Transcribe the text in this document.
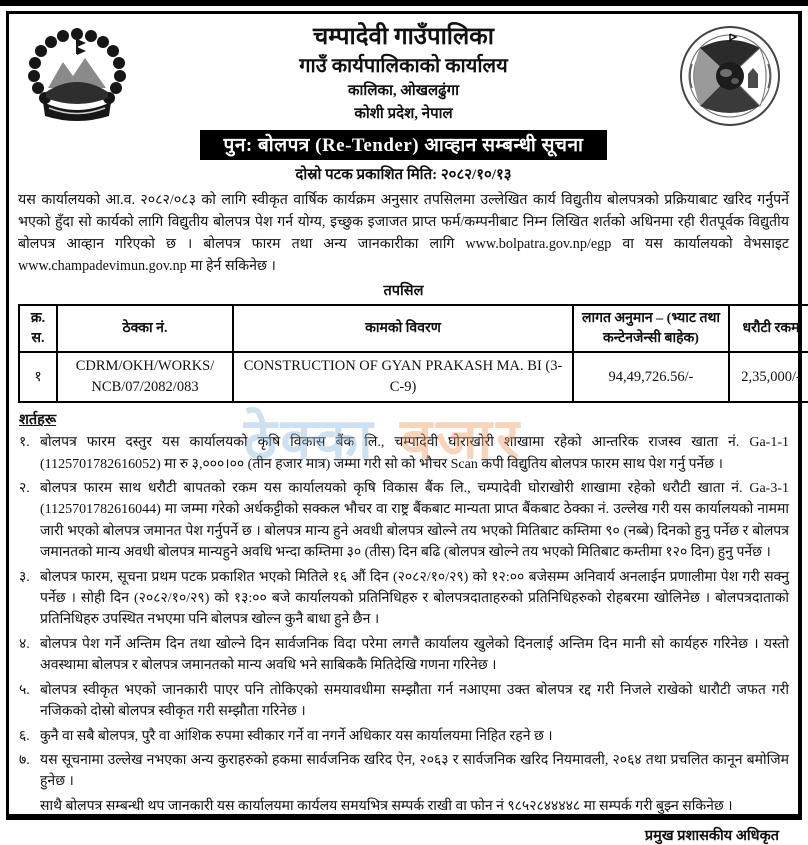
चम्पादेवी गाउँपालिका
गाउँ कार्यपालिकाको कार्यालय
कालिका, ओखलढुंगा
कोशी प्रदेश, नेपाल
पुन: बोलपत्र (Re-Tender) आव्हान सम्बन्धी सूचना
दोस्रो पटक प्रकाशित मिति: २०८२/१०/१३

यस कार्यालयको आ.व. २०८२/०८३ को लागि स्वीकृत वार्षिक कार्यक्रम अनुसार तपसिलमा उल्लेखित कार्य विद्युतीय बोलपत्रको प्रक्रियाबाट खरिद गर्नुपर्ने भएको हुँदा सो कार्यको लागि विद्युतीय बोलपत्र पेश गर्न योग्य, इच्छुक इजाजत प्राप्त फर्म/कम्पनीबाट निम्न लिखित शर्तको अधिनमा रही रीतपूर्वक विद्युतीय बोलपत्र आव्हान गरिएको छ । बोलपत्र फारम तथा अन्य जानकारीका लागि www.bolpatra.gov.np/egp वा यस कार्यालयको वेभसाइट www.champadevimun.gov.np मा हेर्न सकिनेछ ।

तपसिल
क्र. स.	ठेक्का नं.	कामको विवरण	लागत अनुमान – (भ्याट तथा कन्टेनजेन्सी बाहेक)	धरौटी रकम
१	CDRM/OKH/WORKS/ NCB/07/2082/083	CONSTRUCTION OF GYAN PRAKASH MA. BI (3-C-9)	94,49,726.56/-	2,35,000/-
शर्तहरू
१. बोलपत्र फारम दस्तुर यस कार्यालयको कृषि विकास बैंक लि., चम्पादेवी घोराखोरी शाखामा रहेको आन्तरिक राजस्व खाता नं. Ga-1-1 (1125701782616052) मा रु ३,०००।०० (तीन हजार मात्र) जम्मा गरी सो को भौचर Scan कपी विद्युतिय बोलपत्र फारम साथ पेश गर्नु पर्नेछ ।
२. बोलपत्र फारम साथ धरौटी बापतको रकम यस कार्यालयको कृषि विकास बैंक लि., चम्पादेवी घोराखोरी शाखामा रहेको धरौटी खाता नं. Ga-3-1 (1125701782616044) मा जम्मा गरेको अर्धकट्टीको सक्कल भौचर वा राष्ट्र बैंकबाट मान्यता प्राप्त बैंकबाट ठेक्का नं. उल्लेख गरी यस कार्यालयको नाममा जारी भएको बोलपत्र जमानत पेश गर्नुपर्ने छ । बोलपत्र मान्य हुने अवधी बोलपत्र खोल्ने तय भएको मितिबाट कम्तिमा ९० (नब्बे) दिनको हुनु पर्नेछ र बोलपत्र जमानतको मान्य अवधी बोलपत्र मान्यहुने अवधि भन्दा कम्तिमा ३० (तीस) दिन बढि (बोलपत्र खोल्ने तय भएको मितिबाट कम्तीमा १२० दिन) हुनु पर्नेछ ।
३. बोलपत्र फारम, सूचना प्रथम पटक प्रकाशित भएको मितिले १६ औं दिन (२०८२/१०/२९) को १२:०० बजेसम्म अनिवार्य अनलाईन प्रणालीमा पेश गरी सक्नु पर्नेछ । सोही दिन (२०८२/१०/२९) को १३:०० बजे कार्यालयको प्रतिनिधिहरु र बोलपत्रदाताहरुको प्रतिनिधिहरुको रोहबरमा खोलिनेछ । बोलपत्रदाताको प्रतिनिधिहरु उपस्थित नभएमा पनि बोलपत्र खोल्न कुनै बाधा हुने छैन ।
४. बोलपत्र पेश गर्ने अन्तिम दिन तथा खोल्ने दिन सार्वजनिक विदा परेमा लगत्तै कार्यालय खुलेको दिनलाई अन्तिम दिन मानी सो कार्यहरु गरिनेछ । यस्तो अवस्थामा बोलपत्र र बोलपत्र जमानतको मान्य अवधि भने साबिककै मितिदेखि गणना गरिनेछ ।
५. बोलपत्र स्वीकृत भएको जानकारी पाएर पनि तोकिएको समयावधीमा सम्झौता गर्न नआएमा उक्त बोलपत्र रद्द गरी निजले राखेको धारौटी जफत गरी नजिकको दोस्रो बोलपत्र स्वीकृत गरी सम्झौता गरिनेछ ।
६. कुनै वा सबै बोलपत्र, पुरै वा आंशिक रुपमा स्वीकार गर्ने वा नगर्ने अधिकार यस कार्यालयमा निहित रहने छ ।
७. यस सूचनामा उल्लेख नभएका अन्य कुराहरुको हकमा सार्वजनिक खरिद ऐन, २०६३ र सार्वजनिक खरिद नियमावली, २०६४ तथा प्रचलित कानून बमोजिम हुनेछ ।

साथै बोलपत्र सम्बन्धी थप जानकारी यस कार्यालयमा कार्यलय समयभित्र सम्पर्क राखी वा फोन नं ९८५२८४४४४८ मा सम्पर्क गरी बुझ्न सकिनेछ ।

प्रमुख प्रशासकीय अधिकृत
ठेक्का बजार
